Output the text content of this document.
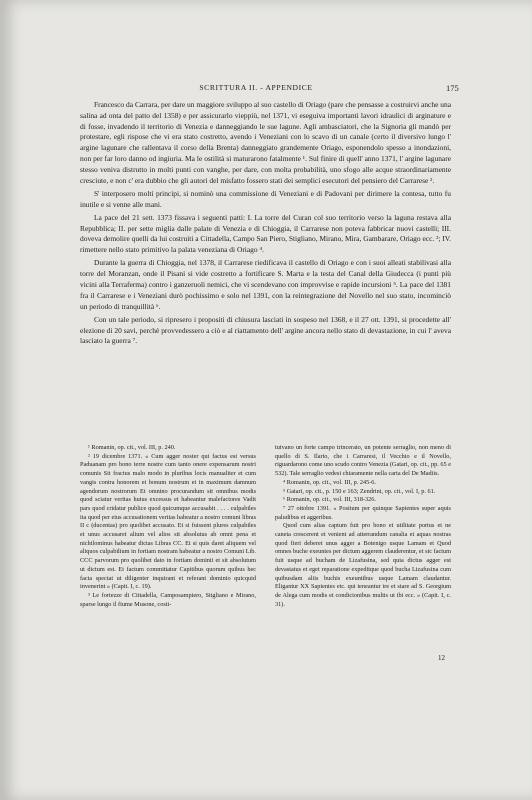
SCRITTURA II. - APPENDICE	175

Francesco da Carrara, per dare un maggiore sviluppo al suo castello di Oriago (pare che pensasse a costruirvi anche una salina ad onta del patto del 1358) e per assicurarlo vieppiù, nel 1371, vi eseguiva importanti lavori idraulici di arginature e di fosse, invadendo il territorio di Venezia e danneggiando le sue lagune. Agli ambasciatori, che la Signoria gli mandò per protestare, egli rispose che vi era stato costretto, avendo i Veneziani con lo scavo di un canale (certo il diversivo lungo l' argine lagunare che rallentava il corso della Brenta) danneggiato grandemente Oriago, esponendolo spesso a inondazioni, non per far loro danno od ingiuria. Ma le ostilità si maturarono fatalmente ¹. Sul finire di quell' anno 1371, l' argine lagunare stesso veniva distrutto in molti punti con vanghe, per dare, con molta probabilità, uno sfogo alle acque straordinariamente cresciute, e non c' era dubbio che gli autori del misfatto fossero stati dei semplici esecutori del pensiero del Carrarese ².

S' interposero molti principi, si nominò una commissione di Veneziani e di Padovani per dirimere la contesa, tutto fu inutile e si venne alle mani.

La pace del 21 sett. 1373 fissava i seguenti patti: I. La torre del Curan col suo territorio verso la laguna restava alla Repubblica; II. per sette miglia dalle palate di Venezia e di Chioggia, il Carrarese non poteva fabbricar nuovi castelli; III. doveva demolire quelli da lui costruiti a Cittadella, Campo San Piero, Stigliano, Mirano, Mira, Gambarare, Oriago ecc. ³; IV. rimettere nello stato primitivo la palata veneziana di Oriago ⁴.

Durante la guerra di Chioggia, nel 1378, il Carrarese riedificava il castello di Oriago e con i suoi alleati stabilivasi alla torre del Moranzan, onde il Pisani si vide costretto a fortificare S. Marta e la testa del Canal della Giudecca (i punti più vicini alla Terraferma) contro i ganzeruoli nemici, che vi scendevano con improvvise e rapide incursioni ⁵. La pace del 1381 fra il Carrarese e i Veneziani durò pochissimo e solo nel 1391, con la reintegrazione del Novello nel suo stato, incominciò un periodo di tranquillità ⁶.

Con un tale periodo, si ripresero i propositi di chiusura lasciati in sospeso nel 1368, e il 27 ott. 1391, si procedette all' elezione di 20 savi, perchè provvedessero a ciò e al riattamento dell' argine ancora nello stato di devastazione, in cui l' aveva lasciato la guerra ⁷.

¹ Romanin, op. cit., vol. III, p. 240.

² 19 dicembre 1371. « Cum agger noster qui factus est versus Paduanam pro bono terre nostre cum tanto onere expensarum nostri comunis Sit fractus malo modo in pluribus locis manualiter et cum vangis contra honorem et bonum nostrum et in maximum damnum agendorum nostrorum Et omnino procurandum sit omnibus modis quod sciatur veritas huius excessus et habeantur malefactores Vadit pars quod cridatur publice quod quicumque accusabit . . . . culpabiles ita quod per eius accusationem veritas habeatur a nostro comuni libras II c (ducentas) pro quolibet accusato. Et si fuissent plures culpabiles et unus accusaret alium vel alios sit absolutus ab omni pena et nichilominus habeatur dictas Libras CC. Et si quis daret aliquem vel aliquos culpabilium in fortiam nostram habeatur a nostro Comuni Lib. CCC parvorum pro quolibet dato in fortiam dominii et sit absolutum ut dictum est. Et factum committatur Capitibus quorum quibus hec facta spectat ut diligenter inquirant et referant dominio quicquid invenerint » (Capit. I, c. 19).

³ Le fortezze di Cittadella, Camposampiero, Stigliano e Mirano, sparse lungo il fiume Musone, costi-

tuivano un forte campo trincerato, un potente serraglio, non meno di quello di S. Ilario, che i Carraresi, il Vecchio e il Novello, riguardarono come uno scudo contro Venezia (Gatari, op. cit., pp. 65 e 532). Tale serraglio vedesi chiaramente nella carta del De Madiis.

⁴ Romanin, op. cit., vol. III, p. 245-6.

⁵ Gatari, op. cit., p. 150 e 163; Zendrini, op. cit., vol. I, p. 61.

⁶ Romanin, op. cit., vol. III, 318-326.

⁷ 27 ottobre 1391. « Positum per quinque Sapientes super aquis paludibus et aggeribus.

Quod cum alias captum fuit pro bono et utilitate portus et ne caneta crescerent et venient ad atterrandum canalia et aquas nostras quod fieri deberet unus agger a Botenigo usque Lamam et Quod omnes buche exeuntes per dictum aggerem clauderentur, et sic factum fuit usque ad bucham de Lizafusina, sed quia dictus agger est devastatus et eget reparatione expeditque quod bucha Lizafusina cum quibusdam aliis buchis exeuntibus usque Lamam claudantur. Eligantur XX Sapientes etc. qui teneantur ire et stare ad S. Georgium de Alega cum modis et condicionibus multis ut ibi ecc. » (Capit. I, c. 31).

12
